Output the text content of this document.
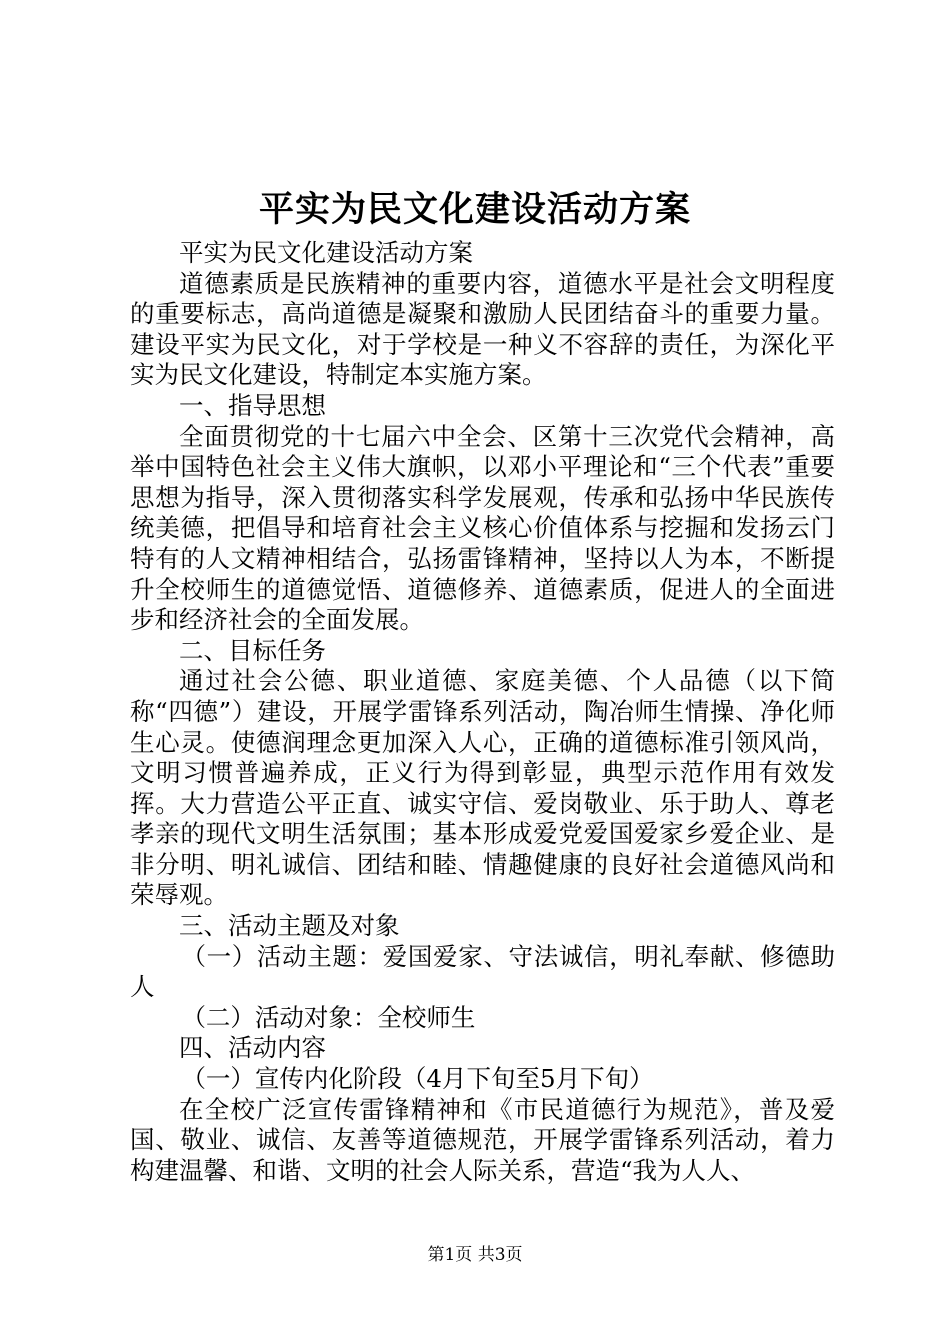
平实为民文化建设活动方案

平实为民文化建设活动方案

道德素质是民族精神的重要内容，道德水平是社会文明程度的重要标志，高尚道德是凝聚和激励人民团结奋斗的重要力量。建设平实为民文化，对于学校是一种义不容辞的责任，为深化平实为民文化建设，特制定本实施方案。

一、指导思想

全面贯彻党的十七届六中全会、区第十三次党代会精神，高举中国特色社会主义伟大旗帜，以邓小平理论和“三个代表”重要思想为指导，深入贯彻落实科学发展观，传承和弘扬中华民族传统美德，把倡导和培育社会主义核心价值体系与挖掘和发扬云门特有的人文精神相结合，弘扬雷锋精神，坚持以人为本，不断提升全校师生的道德觉悟、道德修养、道德素质，促进人的全面进步和经济社会的全面发展。

二、目标任务

通过社会公德、职业道德、家庭美德、个人品德（以下简称“四德”）建设，开展学雷锋系列活动，陶冶师生情操、净化师生心灵。使德润理念更加深入人心，正确的道德标准引领风尚，文明习惯普遍养成，正义行为得到彰显，典型示范作用有效发挥。大力营造公平正直、诚实守信、爱岗敬业、乐于助人、尊老孝亲的现代文明生活氛围；基本形成爱党爱国爱家乡爱企业、是非分明、明礼诚信、团结和睦、情趣健康的良好社会道德风尚和荣辱观。

三、活动主题及对象

（一）活动主题：爱国爱家、守法诚信，明礼奉献、修德助人

（二）活动对象：全校师生

四、活动内容

（一）宣传内化阶段（4月下旬至5月下旬）

在全校广泛宣传雷锋精神和《市民道德行为规范》，普及爱国、敬业、诚信、友善等道德规范，开展学雷锋系列活动，着力构建温馨、和谐、文明的社会人际关系，营造“我为人人、

第1页 共3页
